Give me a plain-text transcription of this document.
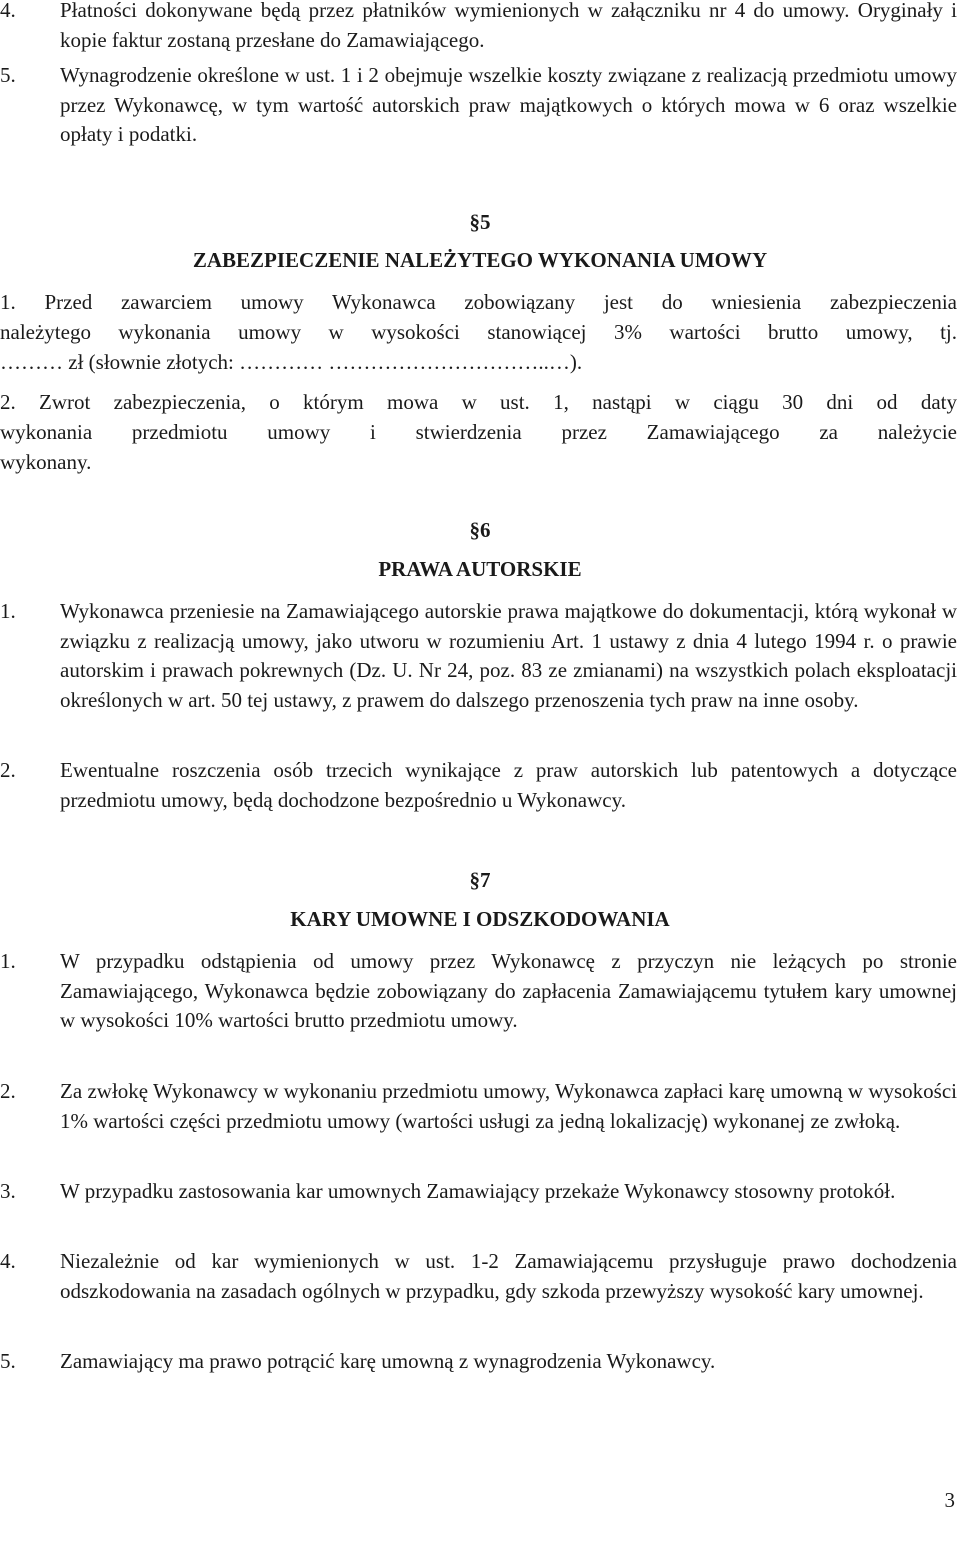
4. Płatności dokonywane będą przez płatników wymienionych w załączniku nr 4 do umowy. Oryginały i kopie faktur zostaną przesłane do Zamawiającego.
5. Wynagrodzenie określone w ust. 1 i 2 obejmuje wszelkie koszty związane z realizacją przedmiotu umowy przez Wykonawcę, w tym wartość autorskich praw majątkowych o których mowa w 6 oraz wszelkie opłaty i podatki.
§5
ZABEZPIECZENIE NALEŻYTEGO WYKONANIA UMOWY
1. Przed zawarciem umowy Wykonawca zobowiązany jest do wniesienia zabezpieczenia
należytego wykonania umowy w wysokości stanowiącej 3% wartości brutto umowy, tj.
……… zł (słownie złotych: ………… …………………………..…).
2. Zwrot zabezpieczenia, o którym mowa w ust. 1, nastąpi w ciągu 30 dni od daty
wykonania przedmiotu umowy i stwierdzenia przez Zamawiającego za należycie
wykonany.
§6
PRAWA AUTORSKIE
1. Wykonawca przeniesie na Zamawiającego autorskie prawa majątkowe do dokumentacji, którą wykonał w związku z realizacją umowy, jako utworu w rozumieniu Art. 1 ustawy z dnia 4 lutego 1994 r. o prawie autorskim i prawach pokrewnych (Dz. U. Nr 24, poz. 83 ze zmianami) na wszystkich polach eksploatacji określonych w art. 50 tej ustawy, z prawem do dalszego przenoszenia tych praw na inne osoby.
2. Ewentualne roszczenia osób trzecich wynikające z praw autorskich lub patentowych a dotyczące przedmiotu umowy, będą dochodzone bezpośrednio u Wykonawcy.
§7
KARY UMOWNE I ODSZKODOWANIA
1. W przypadku odstąpienia od umowy przez Wykonawcę z przyczyn nie leżących po stronie Zamawiającego, Wykonawca będzie zobowiązany do zapłacenia Zamawiającemu tytułem kary umownej w wysokości 10% wartości brutto przedmiotu umowy.
2. Za zwłokę Wykonawcy w wykonaniu przedmiotu umowy, Wykonawca zapłaci karę umowną w wysokości 1% wartości części przedmiotu umowy (wartości usługi za jedną lokalizację) wykonanej ze zwłoką.
3. W przypadku zastosowania kar umownych Zamawiający przekaże Wykonawcy stosowny protokół.
4. Niezależnie od kar wymienionych w ust. 1-2 Zamawiającemu przysługuje prawo dochodzenia odszkodowania na zasadach ogólnych w przypadku, gdy szkoda przewyższy wysokość kary umownej.
5. Zamawiający ma prawo potrącić karę umowną z wynagrodzenia Wykonawcy.
3
